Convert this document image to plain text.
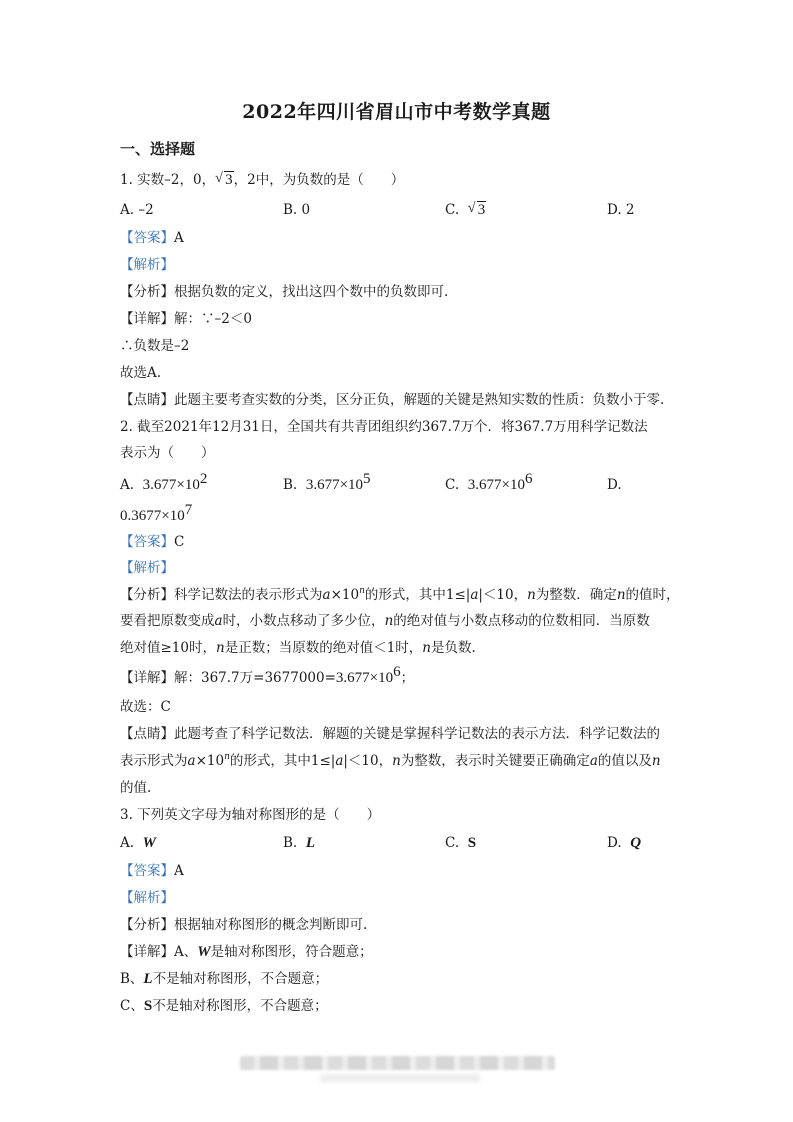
2022年四川省眉山市中考数学真题
一、选择题
1. 实数–2，0， √ 3，2中，为负数的是（　　）
A. –2	B. 0	C. √ 3	D. 2
【答案】A
【解析】
【分析】根据负数的定义，找出这四个数中的负数即可.
【详解】解：∵–2＜0
∴负数是–2
故选A.
【点睛】此题主要考查实数的分类，区分正负，解题的关键是熟知实数的性质：负数小于零.
2. 截至2021年12月31日，全国共有共青团组织约367.7万个．将367.7万用科学记数法
表示为（　　）
A. $3.677\times 10^2$	B. $3.677\times 10^5$	C. $3.677\times 10^6$	D.
$0.3677\times 10^7$
【答案】C
【解析】
【分析】科学记数法的表示形式为$a\times 10^n$的形式，其中1≤|a|＜10，n为整数．确定n的值时，
要看把原数变成a时，小数点移动了多少位，n的绝对值与小数点移动的位数相同．当原数
绝对值≥10时，n是正数；当原数的绝对值＜1时，n是负数.
【详解】解：367.7万$=3677000=3.677\times 10^6$；
故选：C
【点睛】此题考查了科学记数法．解题的关键是掌握科学记数法的表示方法．科学记数法的
表示形式为$a\times 10^n$的形式，其中1≤|a|＜10，n为整数，表示时关键要正确确定a的值以及n
的值.
3. 下列英文字母为轴对称图形的是（　　）
A. W	B. L	C. S	D. Q
【答案】A
【解析】
【分析】根据轴对称图形的概念判断即可.
【详解】A、W是轴对称图形，符合题意；
B、L不是轴对称图形，不合题意；
C、S不是轴对称图形，不合题意；
